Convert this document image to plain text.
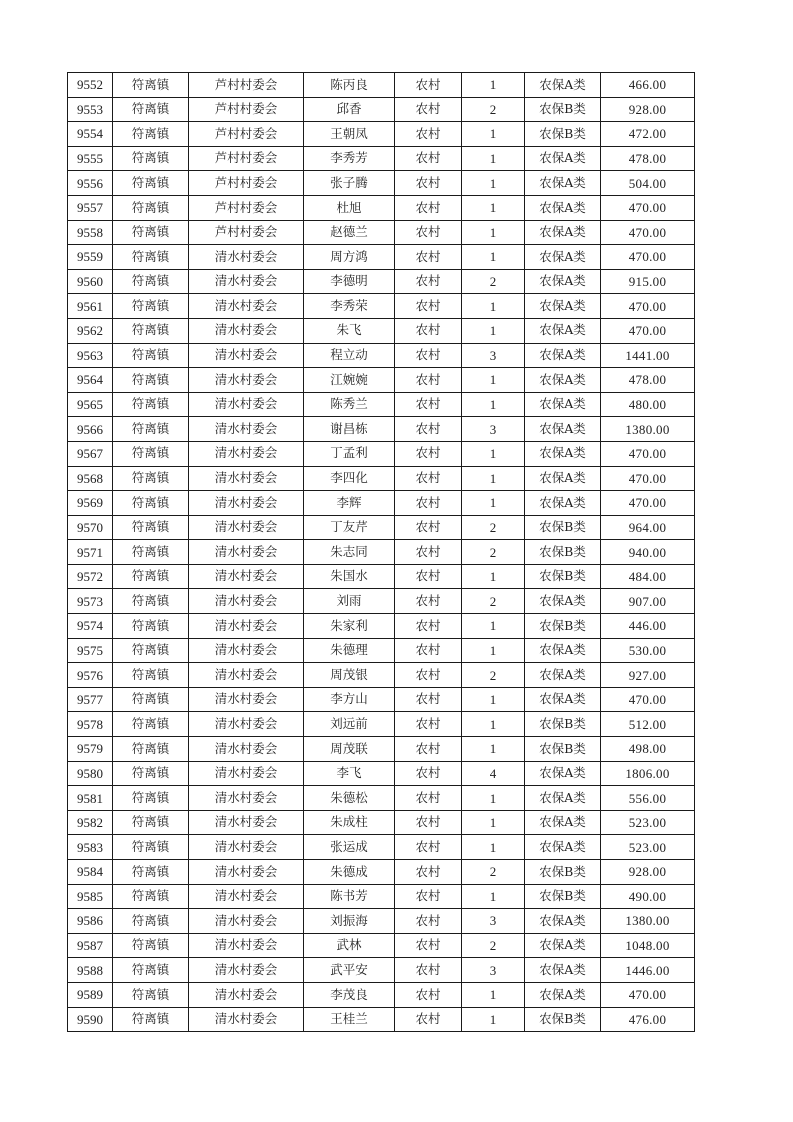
9552	符离镇	芦村村委会	陈丙良	农村	1	农保A类	466.00
9553	符离镇	芦村村委会	邱香	农村	2	农保B类	928.00
9554	符离镇	芦村村委会	王朝凤	农村	1	农保B类	472.00
9555	符离镇	芦村村委会	李秀芳	农村	1	农保A类	478.00
9556	符离镇	芦村村委会	张子腾	农村	1	农保A类	504.00
9557	符离镇	芦村村委会	杜旭	农村	1	农保A类	470.00
9558	符离镇	芦村村委会	赵德兰	农村	1	农保A类	470.00
9559	符离镇	清水村委会	周方鸿	农村	1	农保A类	470.00
9560	符离镇	清水村委会	李德明	农村	2	农保A类	915.00
9561	符离镇	清水村委会	李秀荣	农村	1	农保A类	470.00
9562	符离镇	清水村委会	朱飞	农村	1	农保A类	470.00
9563	符离镇	清水村委会	程立动	农村	3	农保A类	1441.00
9564	符离镇	清水村委会	江婉婉	农村	1	农保A类	478.00
9565	符离镇	清水村委会	陈秀兰	农村	1	农保A类	480.00
9566	符离镇	清水村委会	谢昌栋	农村	3	农保A类	1380.00
9567	符离镇	清水村委会	丁孟利	农村	1	农保A类	470.00
9568	符离镇	清水村委会	李四化	农村	1	农保A类	470.00
9569	符离镇	清水村委会	李辉	农村	1	农保A类	470.00
9570	符离镇	清水村委会	丁友芹	农村	2	农保B类	964.00
9571	符离镇	清水村委会	朱志同	农村	2	农保B类	940.00
9572	符离镇	清水村委会	朱国水	农村	1	农保B类	484.00
9573	符离镇	清水村委会	刘雨	农村	2	农保A类	907.00
9574	符离镇	清水村委会	朱家利	农村	1	农保B类	446.00
9575	符离镇	清水村委会	朱德理	农村	1	农保A类	530.00
9576	符离镇	清水村委会	周茂银	农村	2	农保A类	927.00
9577	符离镇	清水村委会	李方山	农村	1	农保A类	470.00
9578	符离镇	清水村委会	刘远前	农村	1	农保B类	512.00
9579	符离镇	清水村委会	周茂联	农村	1	农保B类	498.00
9580	符离镇	清水村委会	李飞	农村	4	农保A类	1806.00
9581	符离镇	清水村委会	朱德松	农村	1	农保A类	556.00
9582	符离镇	清水村委会	朱成柱	农村	1	农保A类	523.00
9583	符离镇	清水村委会	张运成	农村	1	农保A类	523.00
9584	符离镇	清水村委会	朱德成	农村	2	农保B类	928.00
9585	符离镇	清水村委会	陈书芳	农村	1	农保B类	490.00
9586	符离镇	清水村委会	刘振海	农村	3	农保A类	1380.00
9587	符离镇	清水村委会	武林	农村	2	农保A类	1048.00
9588	符离镇	清水村委会	武平安	农村	3	农保A类	1446.00
9589	符离镇	清水村委会	李茂良	农村	1	农保A类	470.00
9590	符离镇	清水村委会	王桂兰	农村	1	农保B类	476.00
